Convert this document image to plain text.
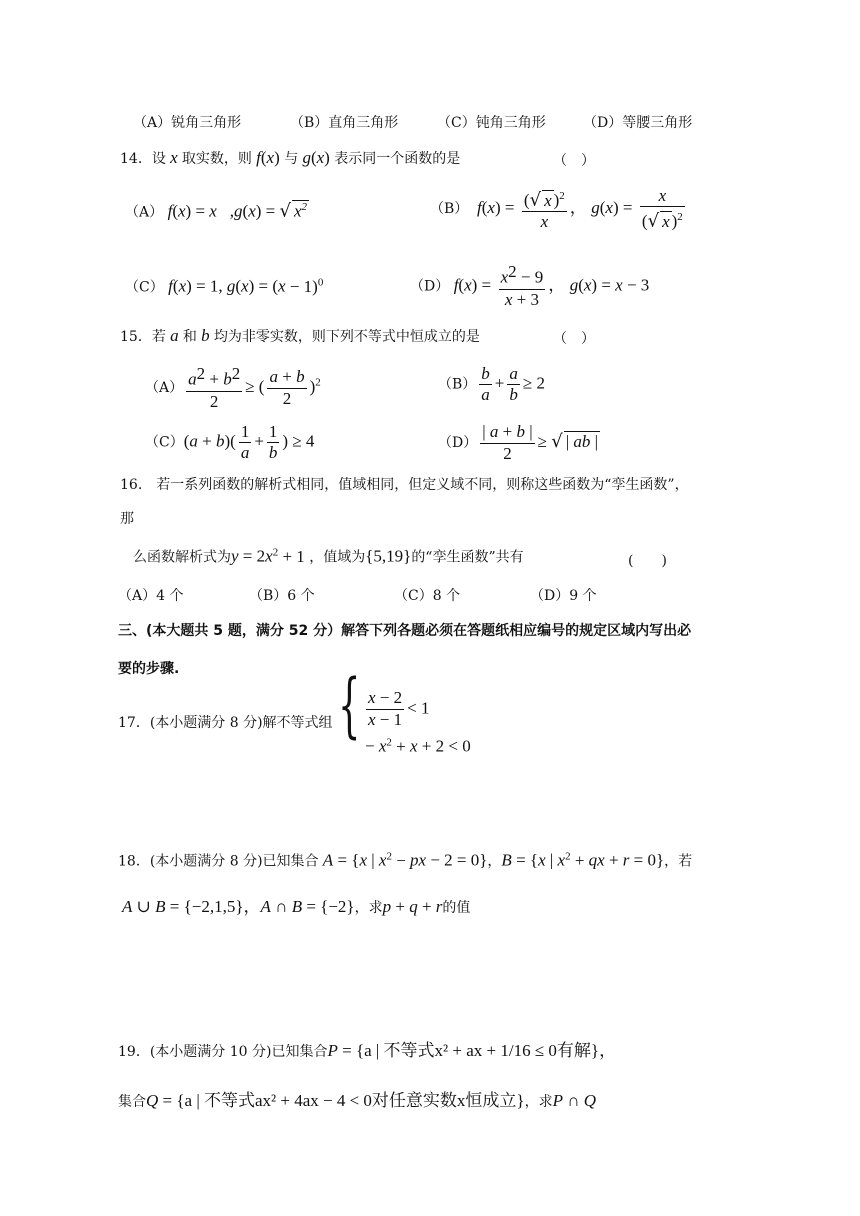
（A）锐角三角形	（B）直角三角形	（C）钝角三角形	（D）等腰三角形
14．设 x 取实数，则 f(x) 与 g(x) 表示同一个函数的是	（　）
（A） f(x) = x   ,g(x) = √ $x^2$	（B）  $f(x) = \frac{(√ x )^2}{x}$ ， $g(x) = \frac{x}{(√ x )^2}$
（C） f(x) = 1, $g(x) = (x - 1)^0$	（D） $f(x) = \frac{x^2 - 9}{x + 3}$ ， g(x) = x − 3
15．若 a 和 b 均为非零实数，则下列不等式中恒成立的是	（　）
$(A) \frac{a^2 + b^2}{2}$ ≥ ( $\frac{a + b}{2} )^2$	$(B) \frac{b}{a} + \frac{a}{b} \ge 2$
$(C)(a + b)( \frac{1}{a} + \frac{1}{b}$ ) ≥ 4	$(D) \frac{| a + b |}{2}$ ≥ √ | ab |
16.　若一系列函数的解析式相同，值域相同，但定义域不同，则称这些函数为“孪生函数”，
那
么函数解析式为$y = 2x^2 + 1$ ，值域为{5,19}的“孪生函数”共有	(　　)
（A）4 个	（B）6 个	（C）8 个	（D）9 个
三、(本大题共 5 题，满分 52 分）解答下列各题必须在答题纸相应编号的规定区域内写出必
要的步骤.
17．(本小题满分 8 分)解不等式组 { $\frac{x - 2}{x - 1} < 1$
− $x^2 + x + 2 < 0$
18．(本小题满分 8 分)已知集合 A = {x | $x^2$ − px − 2 = 0}，B = {x | $x^2$ + qx + r = 0}，若
A ∪ B = {−2,1,5}，A ∩ B = {−2}，求p + q + r的值
19．(本小题满分 10 分)已知集合P = {a | 不等式x² + ax + 1/16 ≤ 0有解}，
集合Q = {a | 不等式ax² + 4ax − 4 < 0对任意实数x恒成立}，求P ∩ Q
